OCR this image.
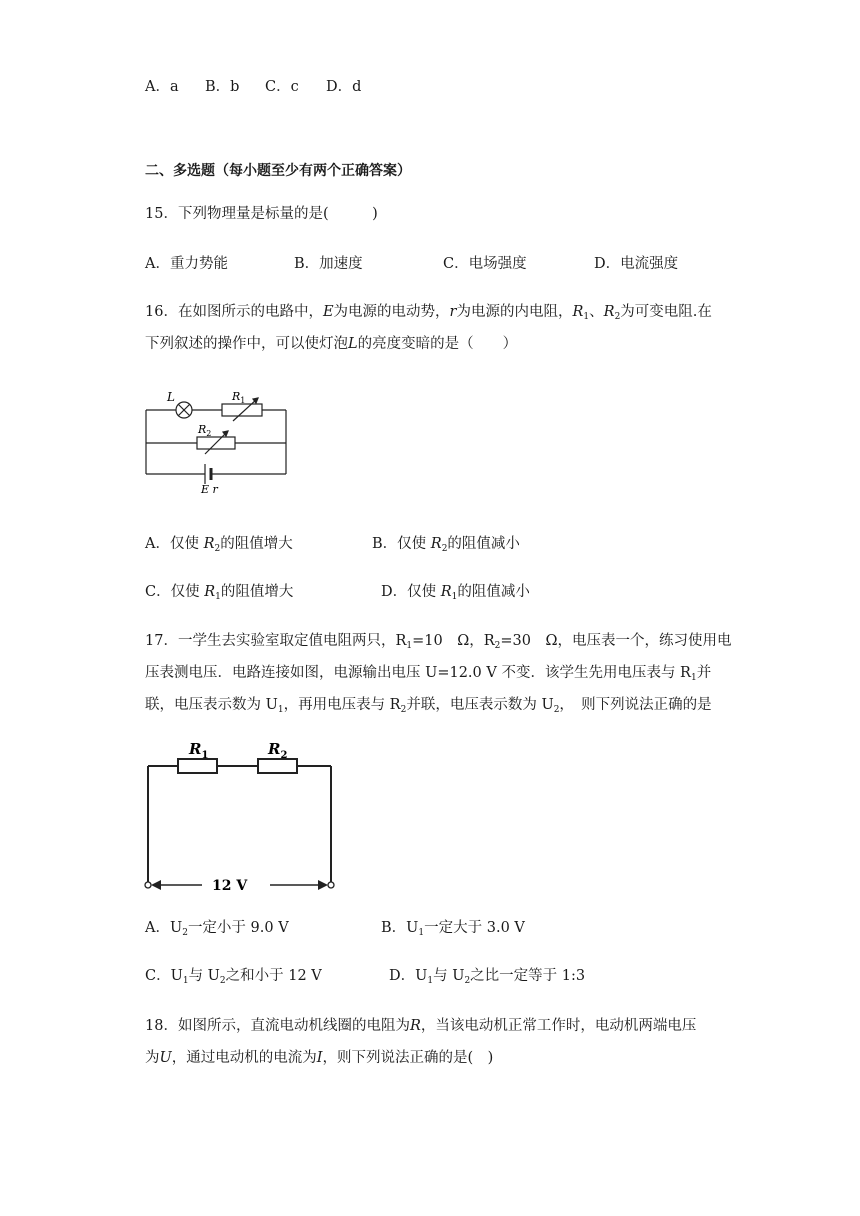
A．a B．b C．c D．d
二、多选题（每小题至少有两个正确答案）
15．下列物理量是标量的是(　　　)
A．重力势能	B．加速度	C．电场强度	D．电流强度
16．在如图所示的电路中，E为电源的电动势，r为电源的内电阻，$R_1$、$R_2$为可变电阻.在
下列叙述的操作中，可以使灯泡L的亮度变暗的是（　　）
L	$R_1$
$R_2$
E r
A．仅使 $R_2$的阻值增大	B．仅使 $R_2$的阻值减小
C．仅使 $R_1$的阻值增大	D．仅使 $R_1$的阻值减小
17．一学生去实验室取定值电阻两只，$R_1=10$　Ω，$R_2=30$　Ω，电压表一个，练习使用电
压表测电压．电路连接如图，电源输出电压 U=12.0 V 不变．该学生先用电压表与 $R_1$并
联，电压表示数为 $U_1$，再用电压表与 $R_2$并联，电压表示数为 $U_2$，　则下列说法正确的是
$R_1$	$R_2$
12 V
A．$U_2$一定小于 9.0 V	B．$U_1$一定大于 3.0 V
C．$U_1$与 $U_2$之和小于 12 V	D．$U_1$与 $U_2$之比一定等于 1:3
18．如图所示，直流电动机线圈的电阻为R，当该电动机正常工作时，电动机两端电压
为U，通过电动机的电流为I，则下列说法正确的是(　)
